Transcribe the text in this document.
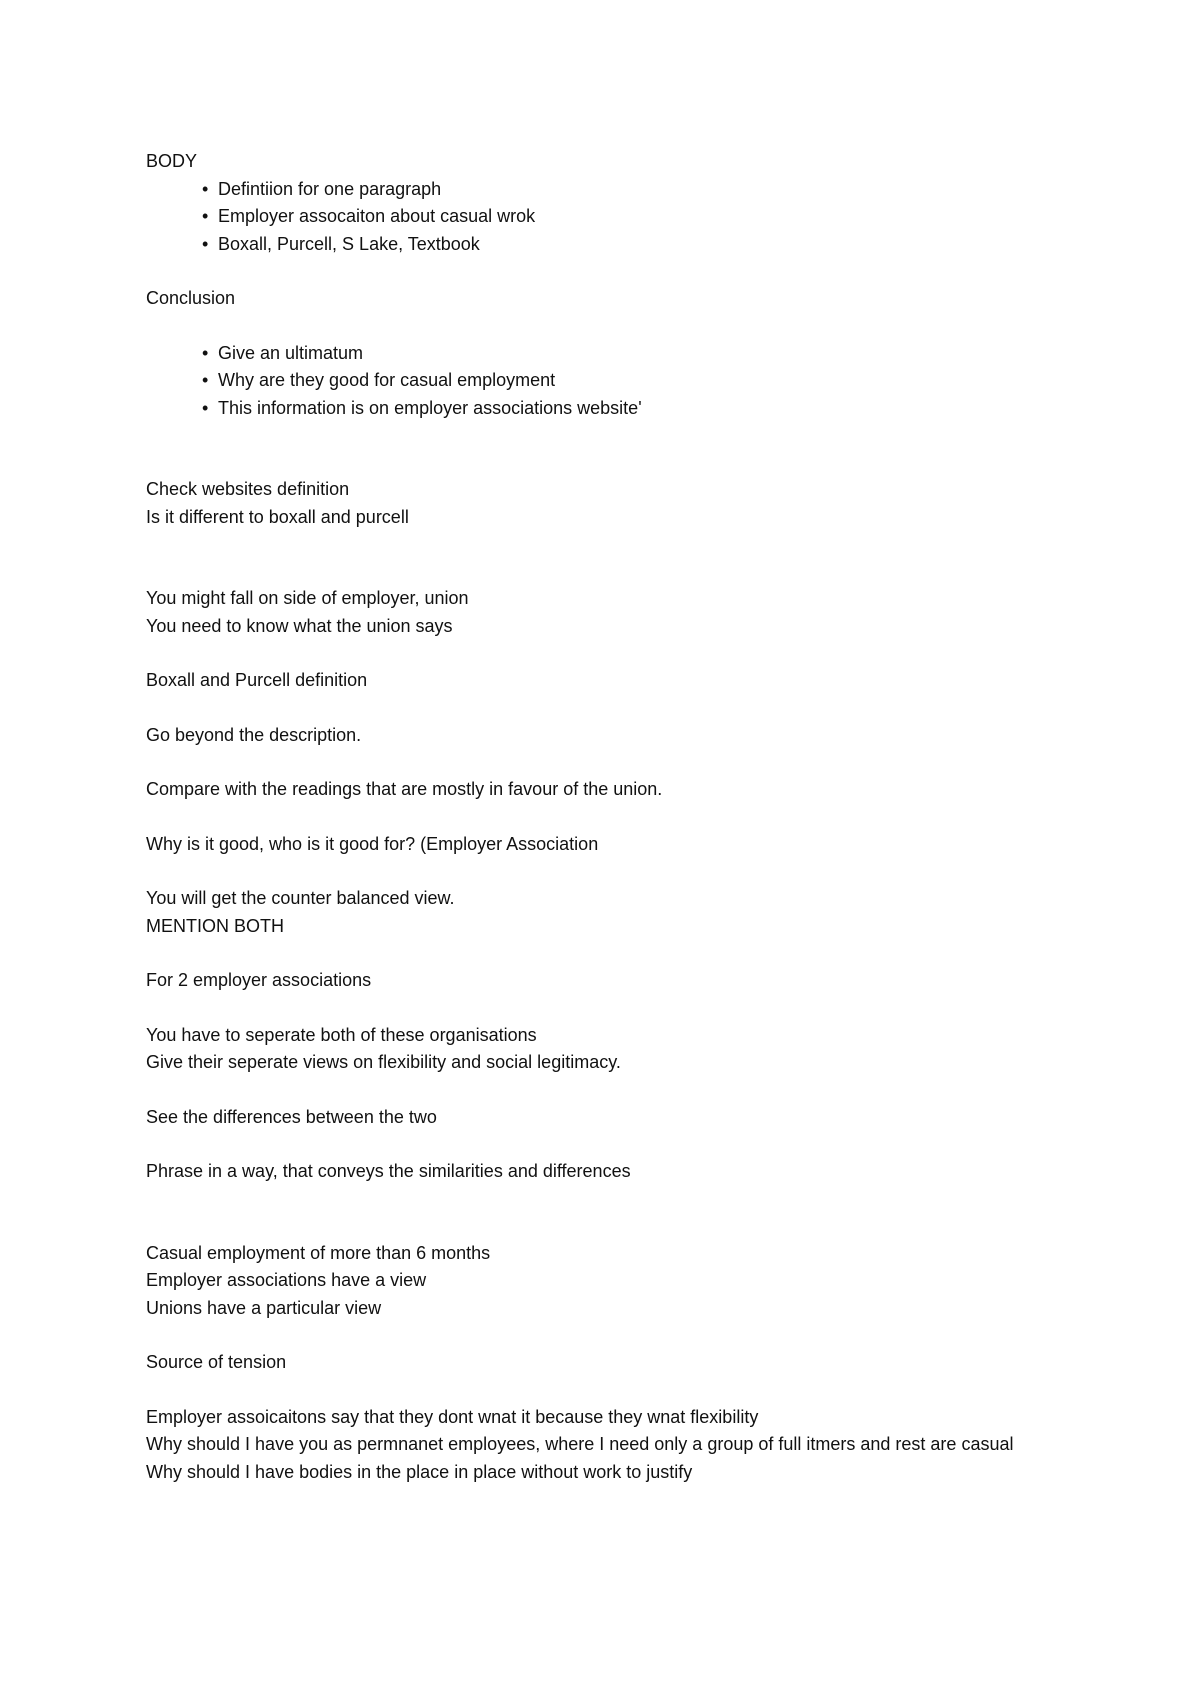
BODY

• Defintiion for one paragraph
• Employer assocaiton about casual wrok
• Boxall, Purcell, S Lake, Textbook

Conclusion

• Give an ultimatum
• Why are they good for casual employment
• This information is on employer associations website'

Check websites definition

Is it different to boxall and purcell

You might fall on side of employer, union

You need to know what the union says

Boxall and Purcell definition

Go beyond the description.

Compare with the readings that are mostly in favour of the union.

Why is it good, who is it good for? (Employer Association

You will get the counter balanced view.

MENTION BOTH

For 2 employer associations

You have to seperate both of these organisations

Give their seperate views on flexibility and social legitimacy.

See the differences between the two

Phrase in a way, that conveys the similarities and differences

Casual employment of more than 6 months

Employer associations have a view

Unions have a particular view

Source of tension

Employer assoicaitons say that they dont wnat it because they wnat flexibility

Why should I have you as permnanet employees, where I need only a group of full itmers and rest are casual

Why should I have bodies in the place in place without work to justify
